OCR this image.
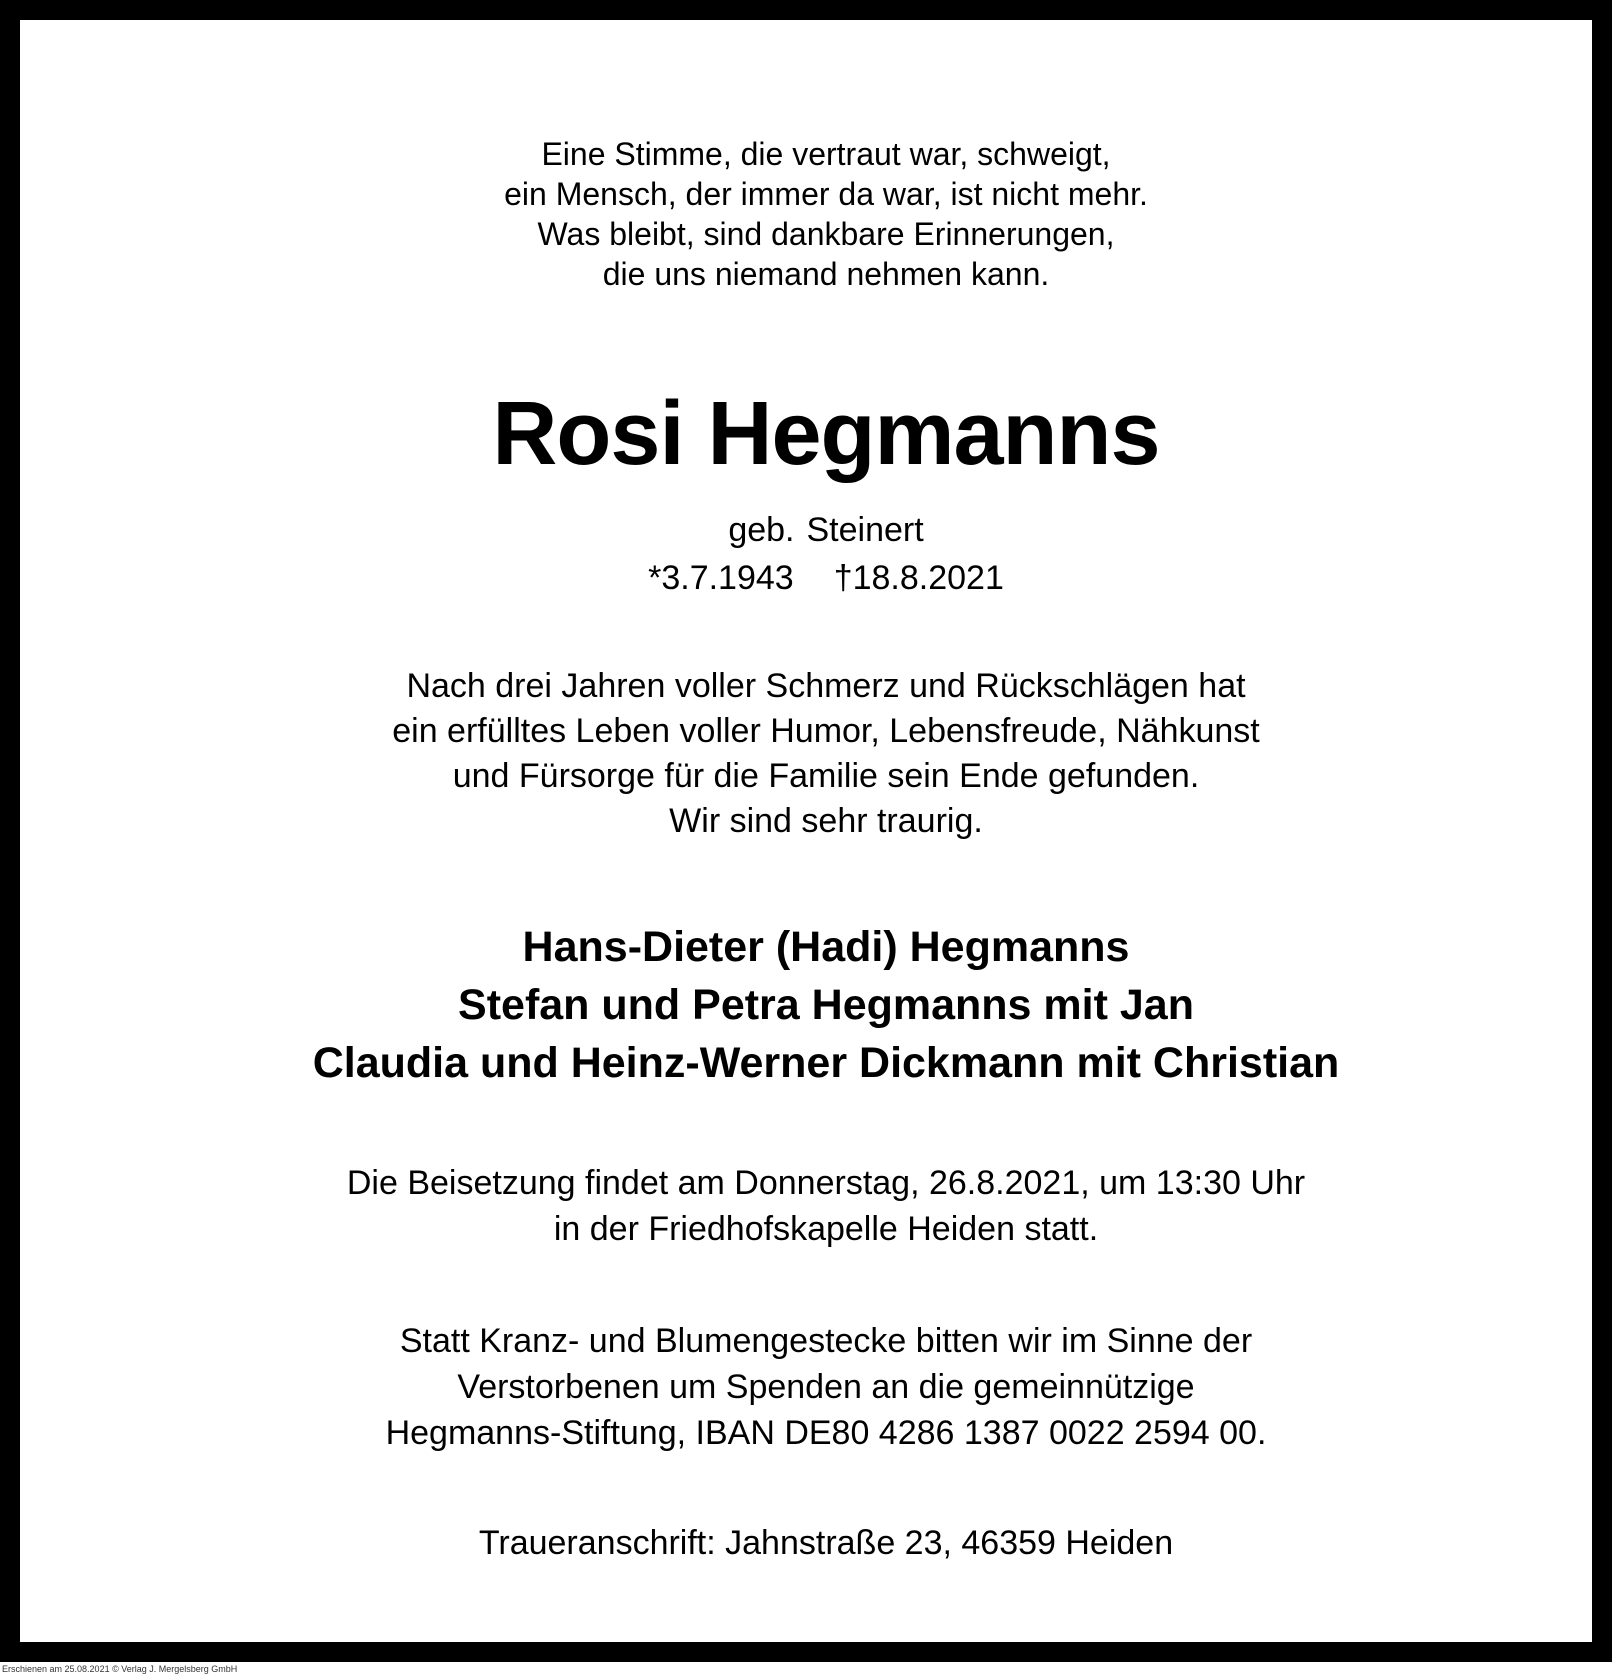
Eine Stimme, die vertraut war, schweigt,
ein Mensch, der immer da war, ist nicht mehr.
Was bleibt, sind dankbare Erinnerungen,
die uns niemand nehmen kann.
Rosi Hegmanns
geb. Steinert
*3.7.1943 †18.8.2021
Nach drei Jahren voller Schmerz und Rückschlägen hat
ein erfülltes Leben voller Humor, Lebensfreude, Nähkunst
und Fürsorge für die Familie sein Ende gefunden.
Wir sind sehr traurig.
Hans-Dieter (Hadi) Hegmanns
Stefan und Petra Hegmanns mit Jan
Claudia und Heinz-Werner Dickmann mit Christian
Die Beisetzung findet am Donnerstag, 26.8.2021, um 13:30 Uhr
in der Friedhofskapelle Heiden statt.
Statt Kranz- und Blumengestecke bitten wir im Sinne der
Verstorbenen um Spenden an die gemeinnützige
Hegmanns-Stiftung, IBAN DE80 4286 1387 0022 2594 00.
Traueranschrift: Jahnstraße 23, 46359 Heiden
Erschienen am 25.08.2021 © Verlag J. Mergelsberg GmbH
